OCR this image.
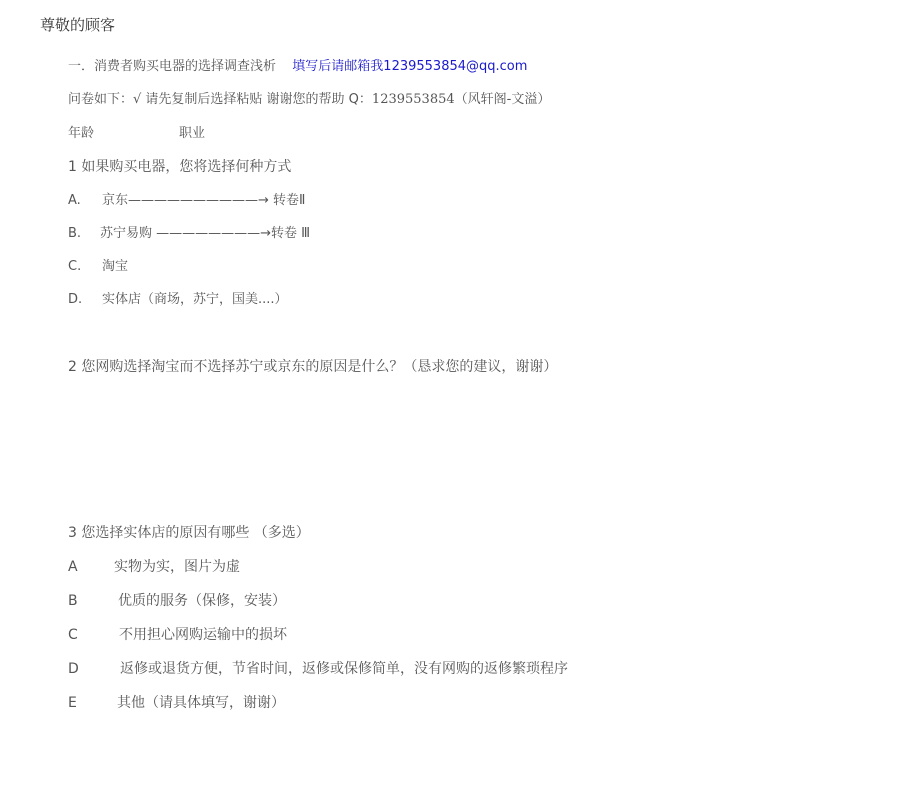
尊敬的顾客
一．消费者购买电器的选择调查浅析 填写后请邮箱我1239553854@qq.com
问卷如下：√ 请先复制后选择粘贴 谢谢您的帮助 Q：1239553854（风轩阁-文溢）
年龄	职业
1 如果购买电器，您将选择何种方式
A. 京东——————————→ 转卷Ⅱ
B. 苏宁易购 ————————→转卷 Ⅲ
C. 淘宝
D. 实体店（商场，苏宁，国美....）
2 您网购选择淘宝而不选择苏宁或京东的原因是什么？（恳求您的建议，谢谢）
3 您选择实体店的原因有哪些 （多选）
A	实物为实，图片为虚
B	优质的服务（保修，安装）
C	不用担心网购运输中的损坏
D	返修或退货方便，节省时间，返修或保修简单，没有网购的返修繁琐程序
E	其他（请具体填写，谢谢）
